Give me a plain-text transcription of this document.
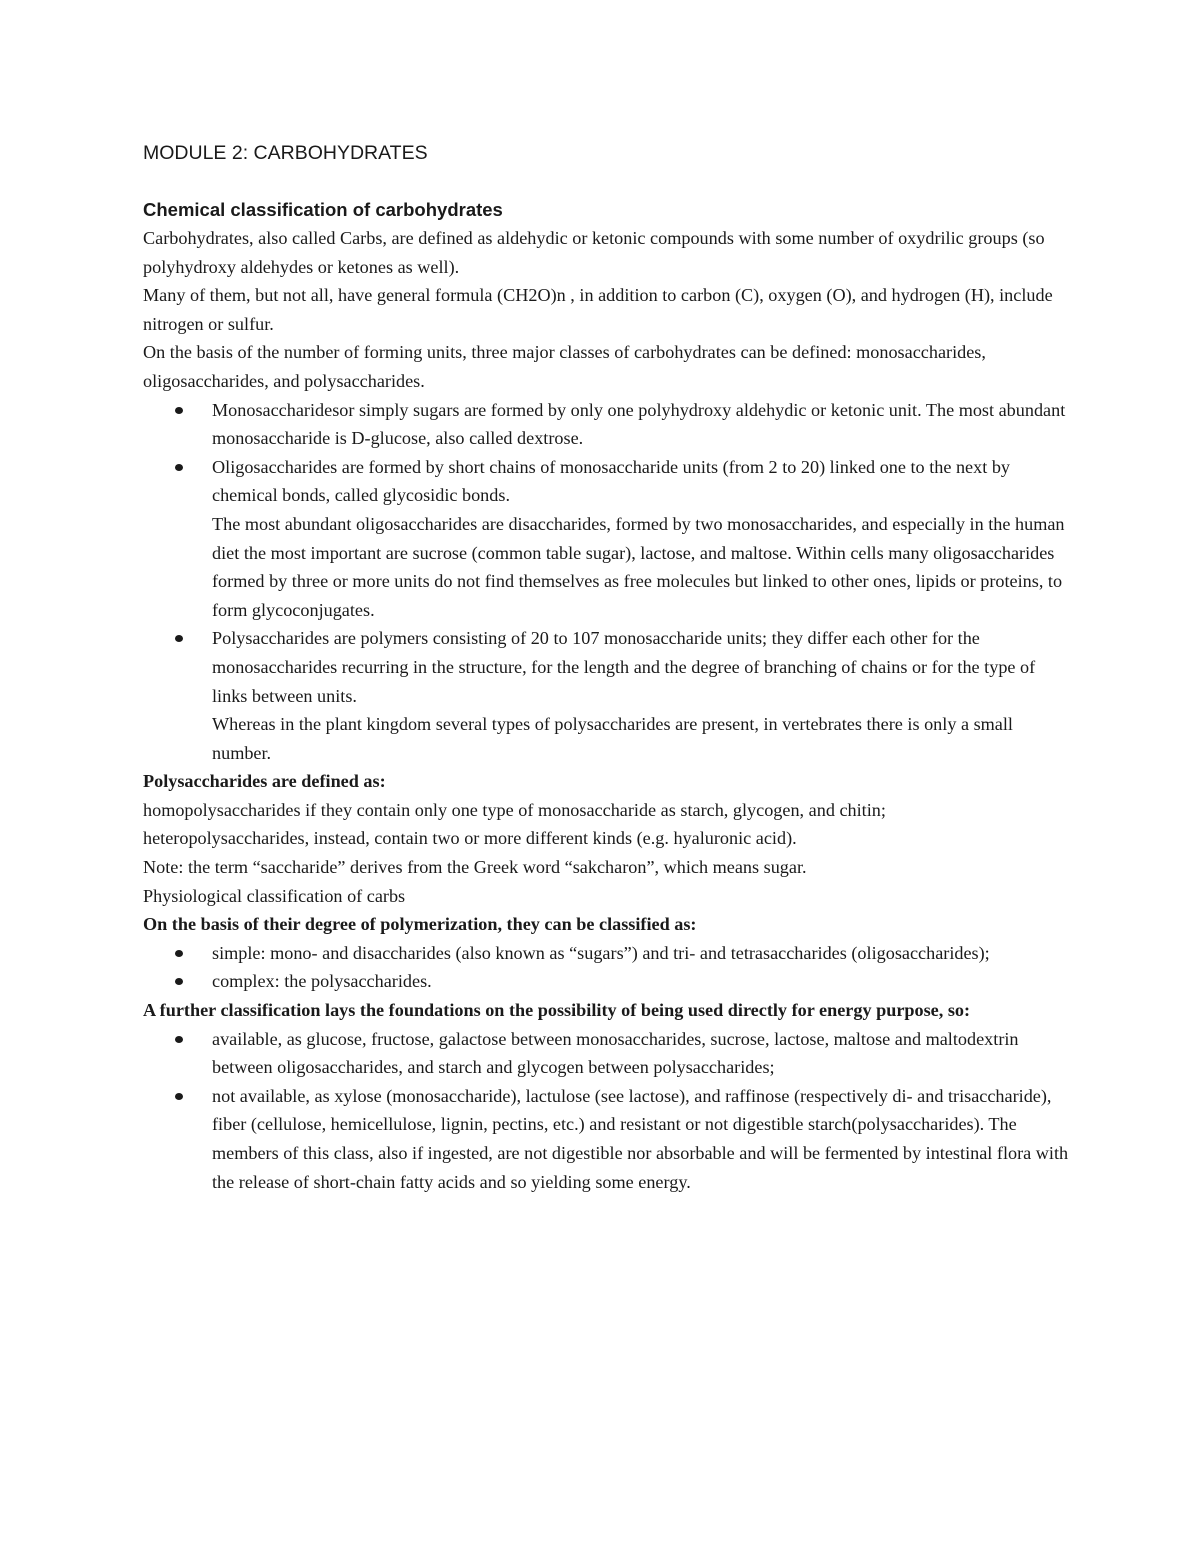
MODULE 2: CARBOHYDRATES
Chemical classification of carbohydrates

Carbohydrates, also called Carbs, are defined as aldehydic or ketonic compounds with some number of oxydrilic groups (so polyhydroxy aldehydes or ketones as well).

Many of them, but not all, have general formula (CH2O)n , in addition to carbon (C), oxygen (O), and hydrogen (H), include nitrogen or sulfur.

On the basis of the number of forming units, three major classes of carbohydrates can be defined: monosaccharides, oligosaccharides, and polysaccharides.

Monosaccharidesor simply sugars are formed by only one polyhydroxy aldehydic or ketonic unit. The most abundant monosaccharide is D-glucose, also called dextrose.

Oligosaccharides are formed by short chains of monosaccharide units (from 2 to 20) linked one to the next by chemical bonds, called glycosidic bonds.

The most abundant oligosaccharides are disaccharides, formed by two monosaccharides, and especially in the human diet the most important are sucrose (common table sugar), lactose, and maltose. Within cells many oligosaccharides formed by three or more units do not find themselves as free molecules but linked to other ones, lipids or proteins, to form glycoconjugates.

Polysaccharides are polymers consisting of 20 to 107 monosaccharide units; they differ each other for the monosaccharides recurring in the structure, for the length and the degree of branching of chains or for the type of links between units.

Whereas in the plant kingdom several types of polysaccharides are present, in vertebrates there is only a small number.

Polysaccharides are defined as:

homopolysaccharides if they contain only one type of monosaccharide as starch, glycogen, and chitin;

heteropolysaccharides, instead, contain two or more different kinds (e.g. hyaluronic acid).

Note: the term “saccharide” derives from the Greek word “sakcharon”, which means sugar.

Physiological classification of carbs

On the basis of their degree of polymerization, they can be classified as:

simple: mono- and disaccharides (also known as “sugars”) and tri- and tetrasaccharides (oligosaccharides);

complex: the polysaccharides.

A further classification lays the foundations on the possibility of being used directly for energy purpose, so:

available, as glucose, fructose, galactose between monosaccharides, sucrose, lactose, maltose and maltodextrin between oligosaccharides, and starch and glycogen between polysaccharides;

not available, as xylose (monosaccharide), lactulose (see lactose), and raffinose (respectively di- and trisaccharide), fiber (cellulose, hemicellulose, lignin, pectins, etc.) and resistant or not digestible starch(polysaccharides). The members of this class, also if ingested, are not digestible nor absorbable and will be fermented by intestinal flora with the release of short-chain fatty acids and so yielding some energy.
